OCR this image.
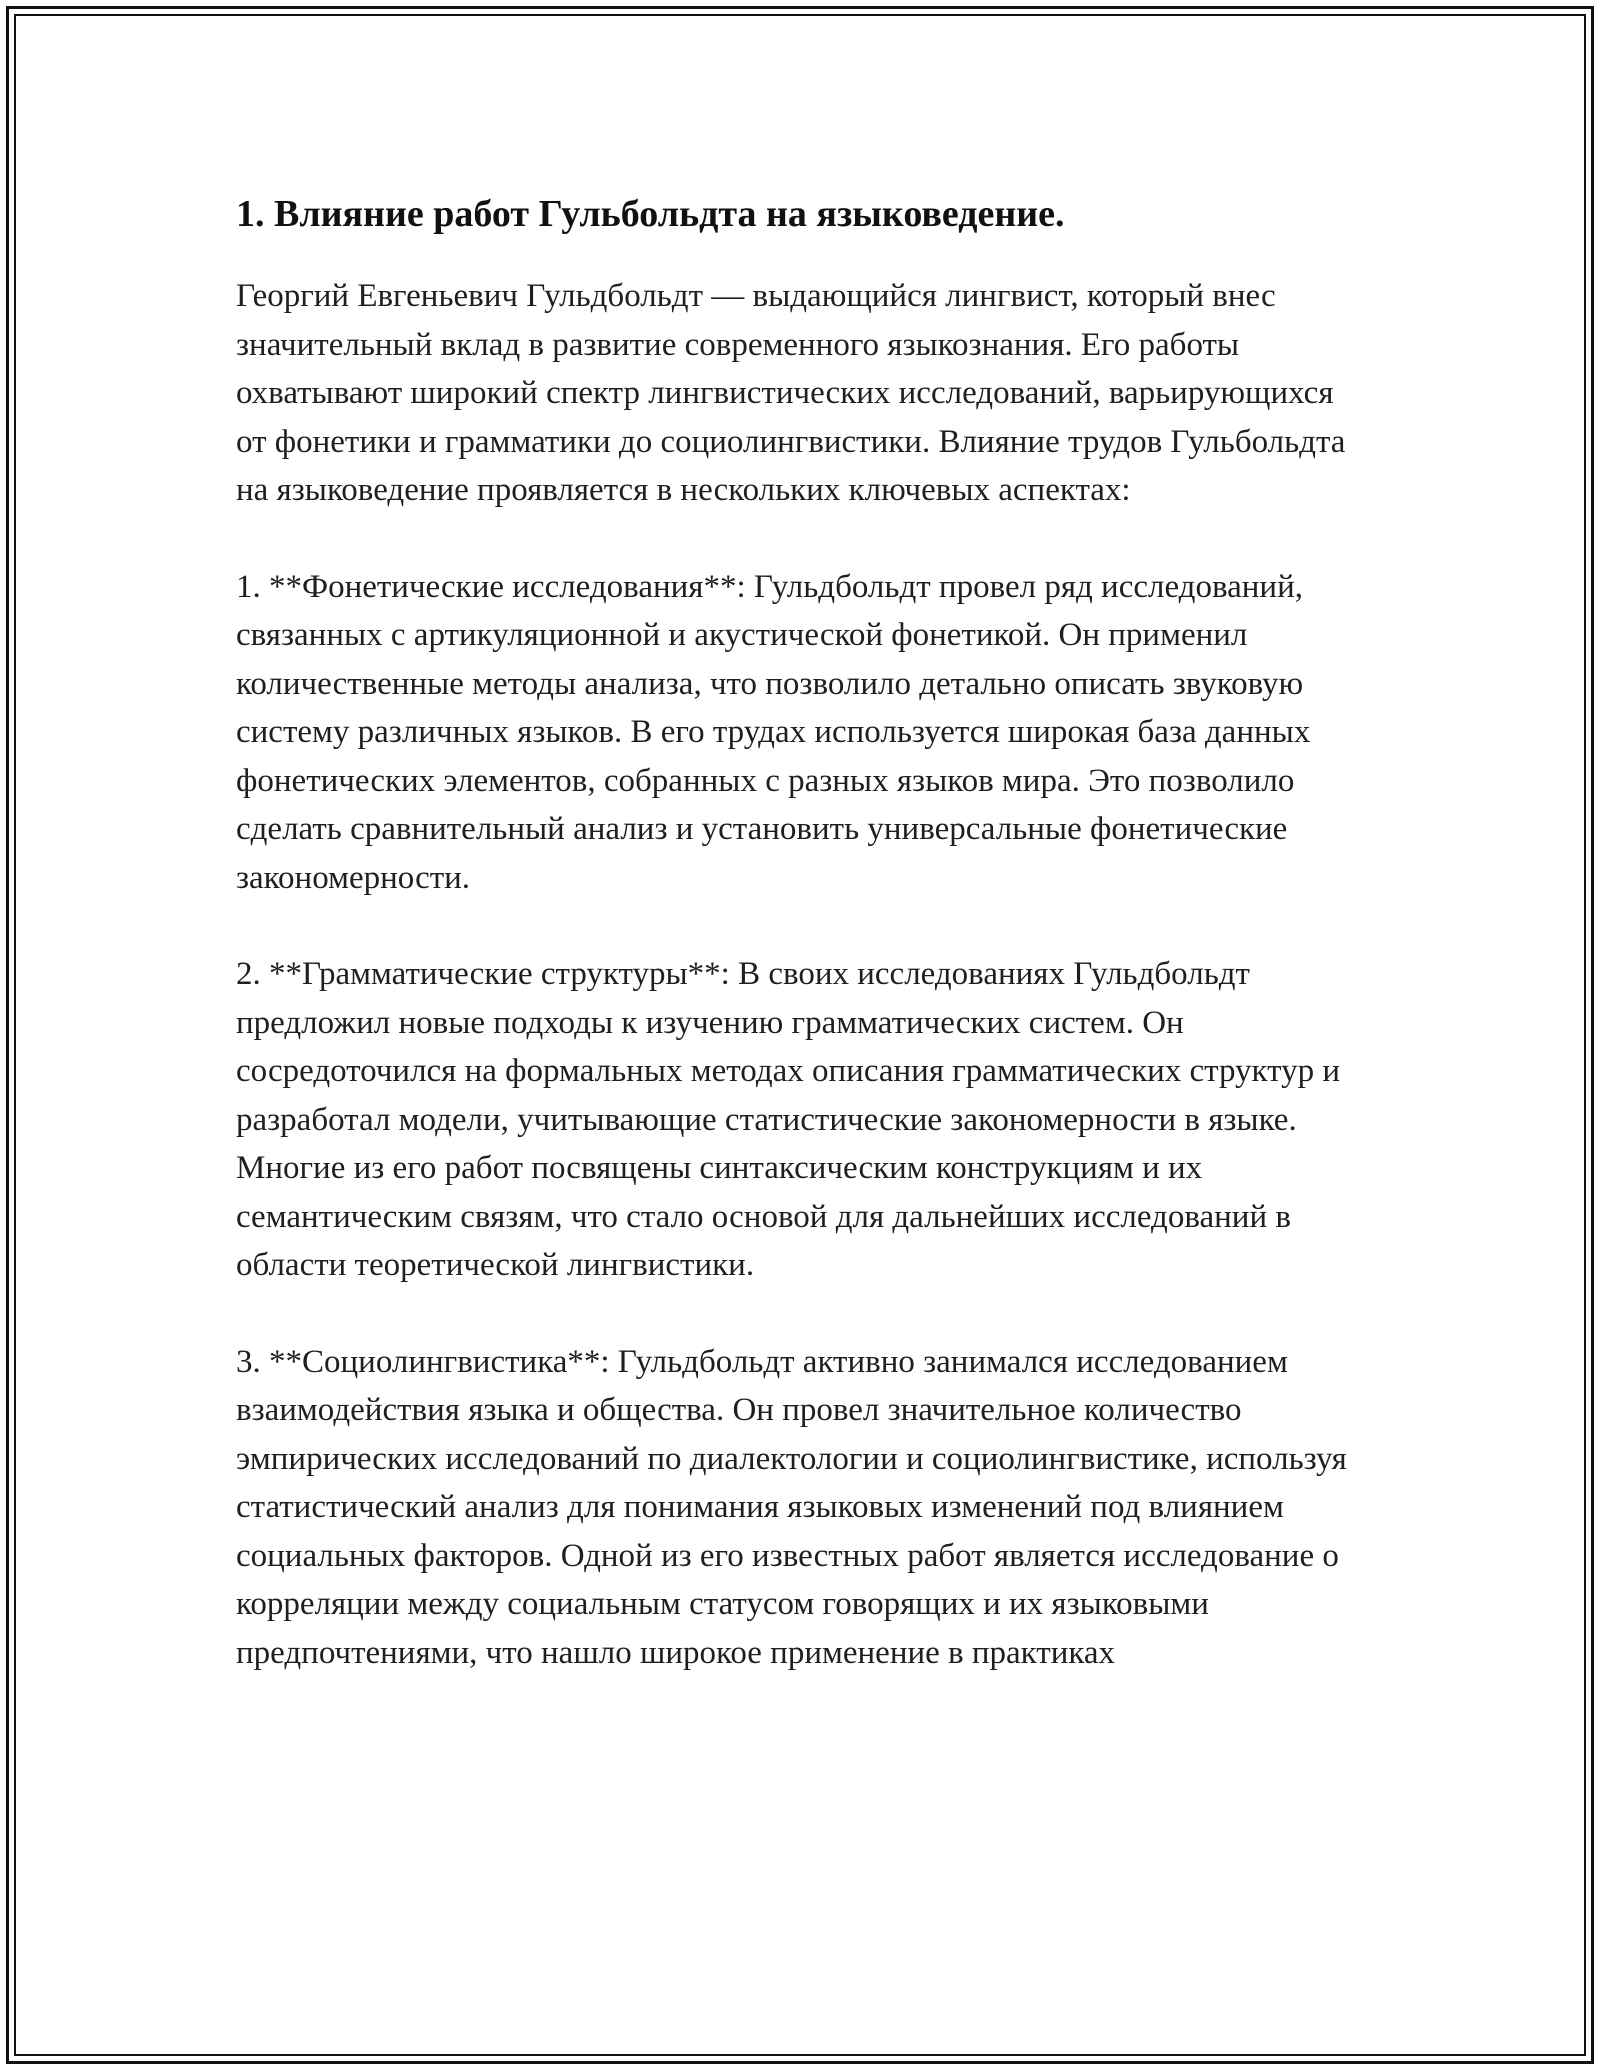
1. Влияние работ Гульбольдта на языковедение.

Георгий Евгеньевич Гульдбольдт — выдающийся лингвист, который внес значительный вклад в развитие современного языкознания. Его работы охватывают широкий спектр лингвистических исследований, варьирующихся от фонетики и грамматики до социолингвистики. Влияние трудов Гульбольдта на языковедение проявляется в нескольких ключевых аспектах:

1. **Фонетические исследования**: Гульдбольдт провел ряд исследований, связанных с артикуляционной и акустической фонетикой. Он применил количественные методы анализа, что позволило детально описать звуковую систему различных языков. В его трудах используется широкая база данных фонетических элементов, собранных с разных языков мира. Это позволило сделать сравнительный анализ и установить универсальные фонетические закономерности.

2. **Грамматические структуры**: В своих исследованиях Гульдбольдт предложил новые подходы к изучению грамматических систем. Он сосредоточился на формальных методах описания грамматических структур и разработал модели, учитывающие статистические закономерности в языке. Многие из его работ посвящены синтаксическим конструкциям и их семантическим связям, что стало основой для дальнейших исследований в области теоретической лингвистики.

3. **Социолингвистика**: Гульдбольдт активно занимался исследованием взаимодействия языка и общества. Он провел значительное количество эмпирических исследований по диалектологии и социолингвистике, используя статистический анализ для понимания языковых изменений под влиянием социальных факторов. Одной из его известных работ является исследование о корреляции между социальным статусом говорящих и их языковыми предпочтениями, что нашло широкое применение в практиках
